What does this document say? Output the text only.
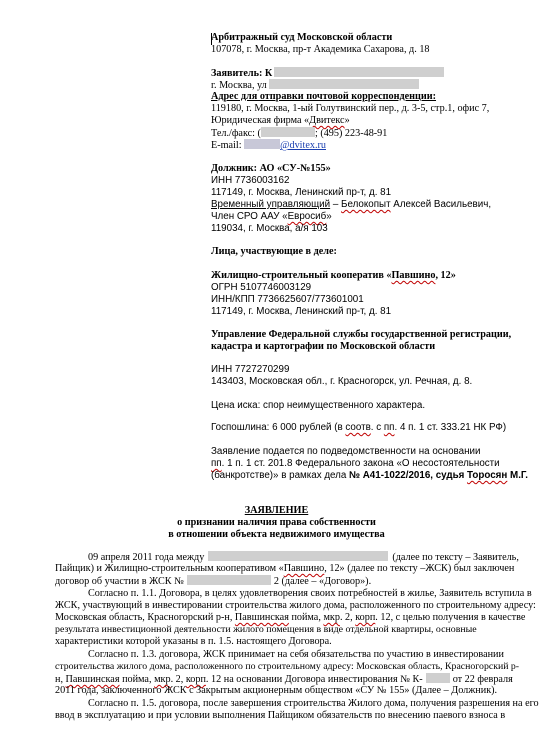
Арбитражный суд Московской области
107078, г. Москва, пр-т Академика Сахарова, д. 18
Заявитель: К
г. Москва, ул
Адрес для отправки почтовой корреспонденции:
119180, г. Москва, 1-ый Голутвинский пер., д. 3-5, стр.1, офис 7,
Юридическая фирма «Двитекс»
Тел./факс: (	; (495) 223-48-91
E-mail:	@dvitex.ru
Должник: АО «СУ-№155»
ИНН 7736003162
117149, г. Москва, Ленинский пр-т, д. 81
Временный управляющий – Белокопыт Алексей Васильевич,
Член СРО ААУ «Евросиб»
119034, г. Москва, а/я 103
Лица, участвующие в деле:
Жилищно-строительный кооператив «Павшино, 12»
ОГРН 5107746003129
ИНН/КПП 7736625607/773601001
117149, г. Москва, Ленинский пр-т, д. 81
Управление Федеральной службы государственной регистрации,
кадастра и картографии по Московской области
ИНН 7727270299
143403, Московская обл., г. Красногорск, ул. Речная, д. 8.
Цена иска: спор неимущественного характера.
Госпошлина: 6 000 рублей (в соотв. с пп. 4 п. 1 ст. 333.21 НК РФ)
Заявление подается по подведомственности на основании
пп. 1 п. 1 ст. 201.8 Федерального закона «О несостоятельности
(банкротстве)» в рамках дела № А41-1022/2016, судья Торосян М.Г.
ЗАЯВЛЕНИЕ
о признании наличия права собственности
в отношении объекта недвижимого имущества
09 апреля 2011 года между	(далее по тексту – Заявитель,
Пайщик) и Жилищно-строительным кооперативом «Павшино, 12» (далее по тексту –ЖСК) был заключен
договор об участии в ЖСК №	2 (далее – «Договор»).
Согласно п. 1.1. Договора, в целях удовлетворения своих потребностей в жилье, Заявитель вступила в
ЖСК, участвующий в инвестировании строительства жилого дома, расположенного по строительному адресу:
Московская область, Красногорский р-н, Павшинская пойма, мкр. 2, корп. 12, с целью получения в качестве
результата инвестиционной деятельности жилого помещения в виде отдельной квартиры, основные
характеристики которой указаны в п. 1.5. настоящего Договора.
Согласно п. 1.3. договора, ЖСК принимает на себя обязательства по участию в инвестировании
строительства жилого дома, расположенного по строительному адресу: Московская область, Красногорский р-
н, Павшинская пойма, мкр. 2, корп. 12 на основании Договора инвестирования № К-	от 22 февраля
2011 года, заключенного ЖСК с Закрытым акционерным обществом «СУ № 155» (Далее – Должник).
Согласно п. 1.5. договора, после завершения строительства Жилого дома, получения разрешения на его
ввод в эксплуатацию и при условии выполнения Пайщиком обязательств по внесению паевого взноса в
